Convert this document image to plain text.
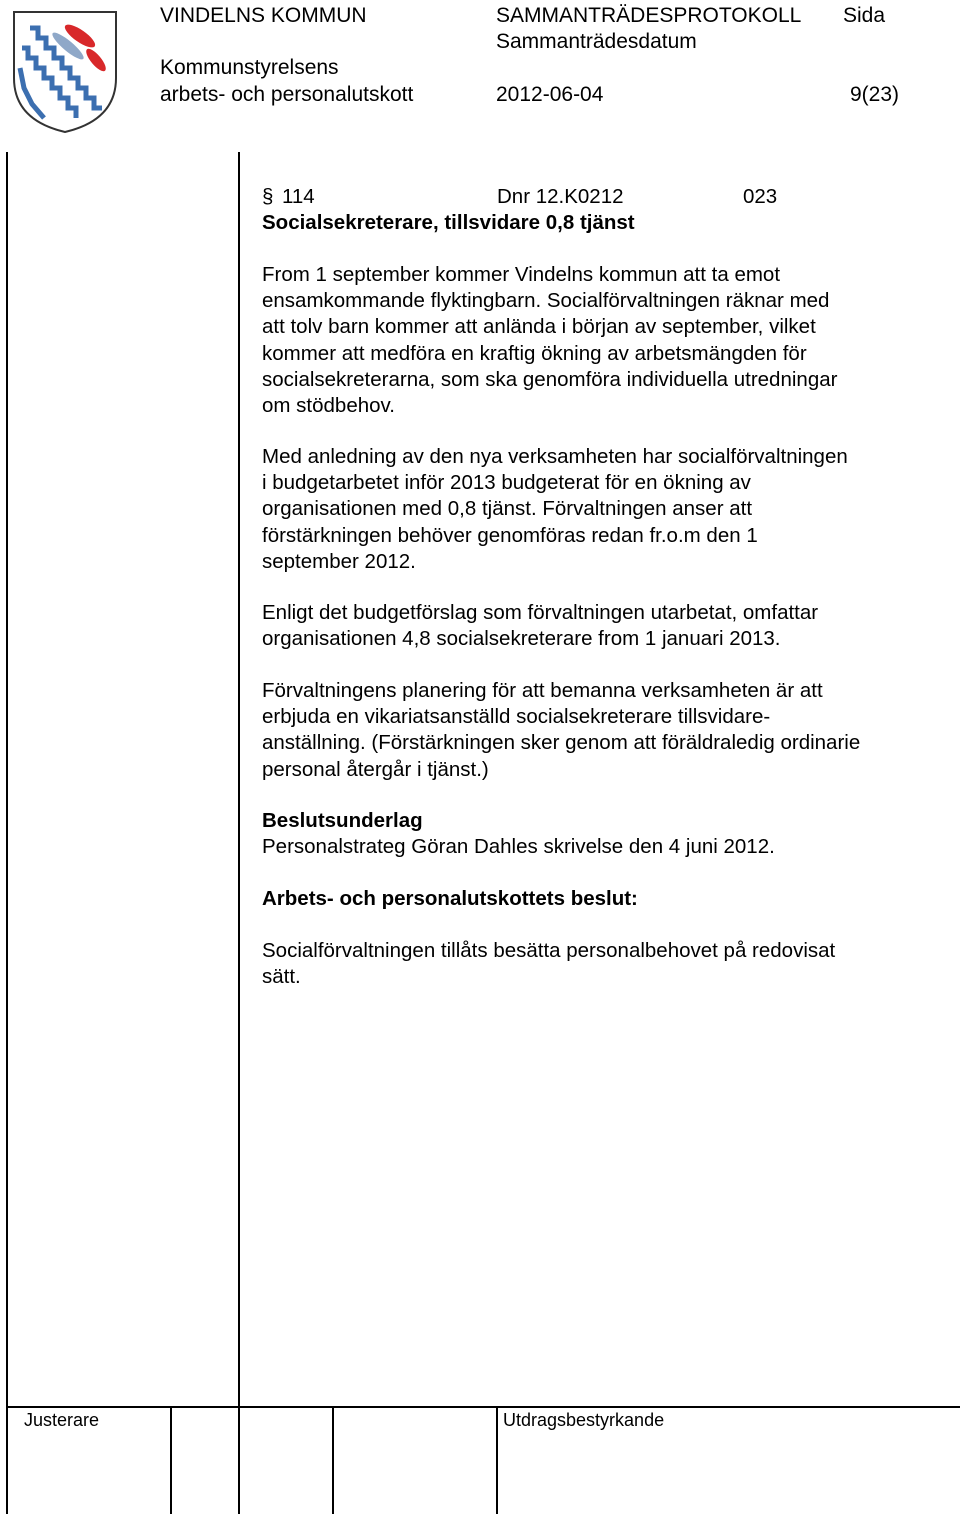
VINDELNS KOMMUN	SAMMANTRÄDESPROTOKOLL Sida
Sammanträdesdatum
Kommunstyrelsens
arbets- och personalutskott	2012-06-04	9(23)
§ 114	Dnr 12.K0212	023
Socialsekreterare, tillsvidare 0,8 tjänst
From 1 september kommer Vindelns kommun att ta emot
ensamkommande flyktingbarn. Socialförvaltningen räknar med
att tolv barn kommer att anlända i början av september, vilket
kommer att medföra en kraftig ökning av arbetsmängden för
socialsekreterarna, som ska genomföra individuella utredningar
om stödbehov.
Med anledning av den nya verksamheten har socialförvaltningen
i budgetarbetet inför 2013 budgeterat för en ökning av
organisationen med 0,8 tjänst. Förvaltningen anser att
förstärkningen behöver genomföras redan fr.o.m den 1
september 2012.
Enligt det budgetförslag som förvaltningen utarbetat, omfattar
organisationen 4,8 socialsekreterare from 1 januari 2013.
Förvaltningens planering för att bemanna verksamheten är att
erbjuda en vikariatsanställd socialsekreterare tillsvidare-
anställning. (Förstärkningen sker genom att föräldraledig ordinarie
personal återgår i tjänst.)
Beslutsunderlag
Personalstrateg Göran Dahles skrivelse den 4 juni 2012.
Arbets- och personalutskottets beslut:
Socialförvaltningen tillåts besätta personalbehovet på redovisat
sätt.
Justerare	Utdragsbestyrkande
